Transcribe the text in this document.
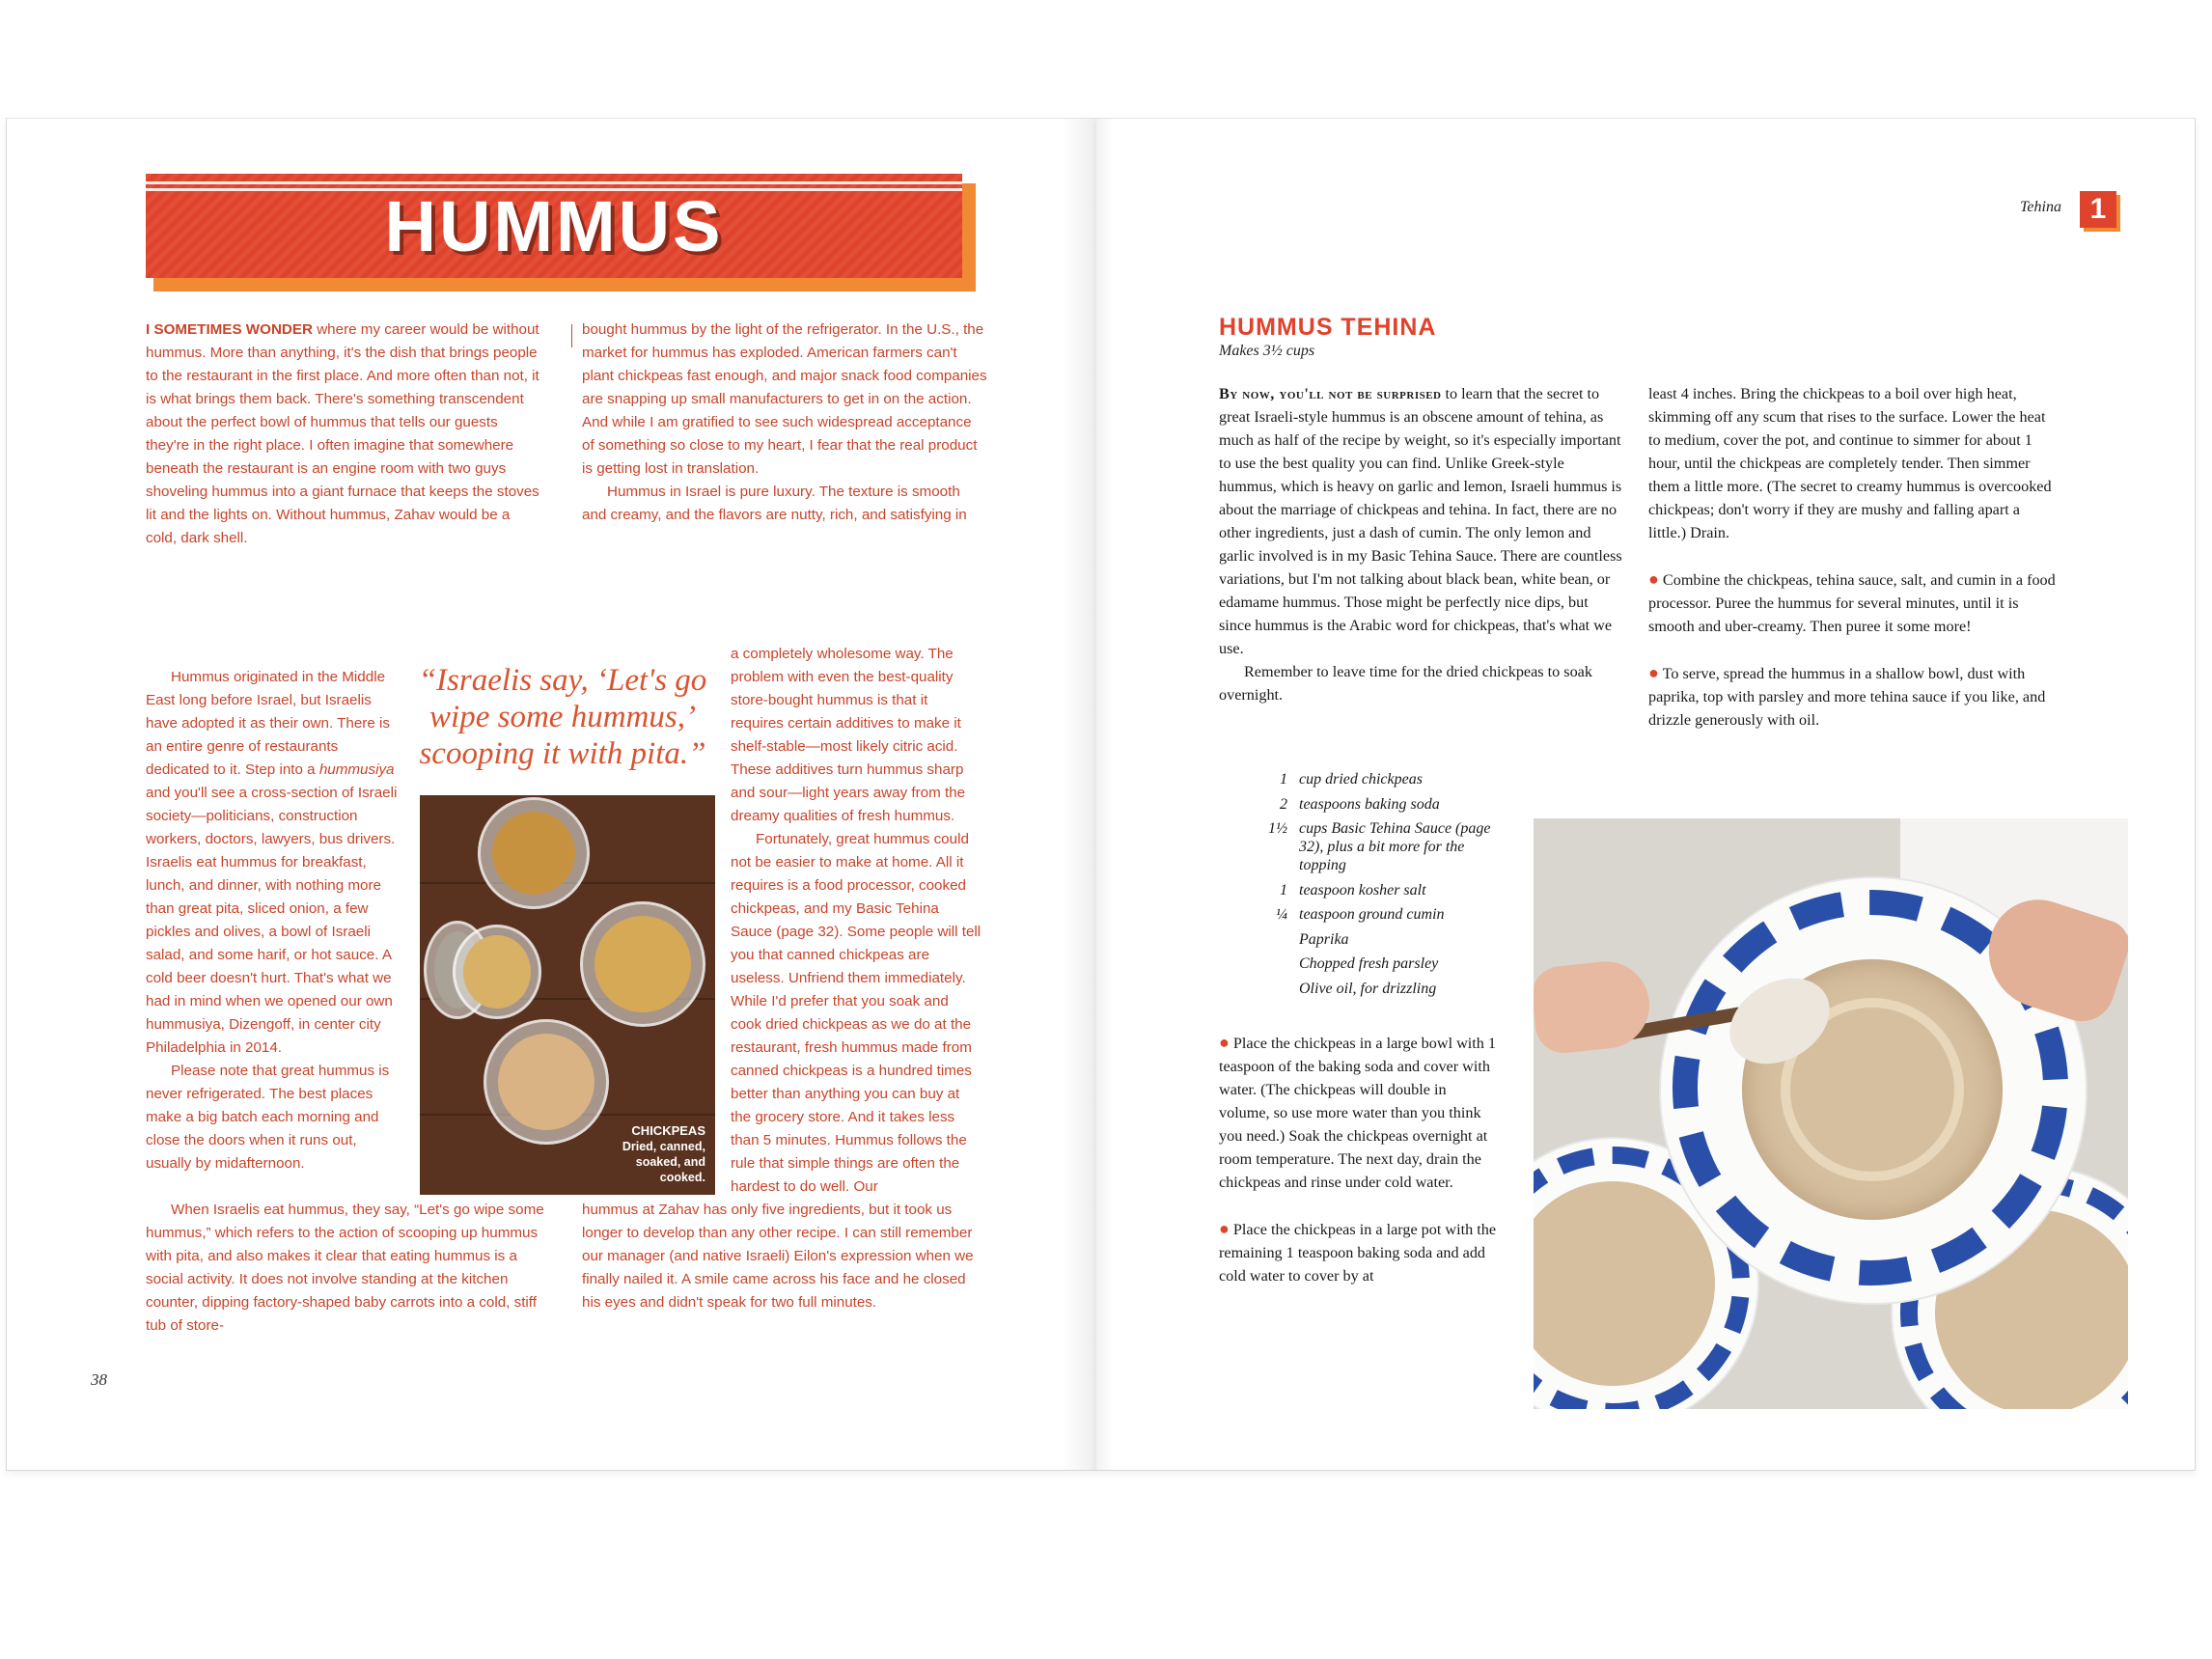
HUMMUS

I SOMETIMES WONDER where my career would be without hummus. More than anything, it's the dish that brings people to the restaurant in the first place. And more often than not, it is what brings them back. There's something transcendent about the perfect bowl of hummus that tells our guests they're in the right place. I often imagine that somewhere beneath the restaurant is an engine room with two guys shoveling hummus into a giant furnace that keeps the stoves lit and the lights on. Without hummus, Zahav would be a cold, dark shell.

Hummus originated in the Middle East long before Israel, but Israelis have adopted it as their own. There is an entire genre of restaurants dedicated to it. Step into a hummusiya and you'll see a cross-section of Israeli society—politicians, construction workers, doctors, lawyers, bus drivers. Israelis eat hummus for breakfast, lunch, and dinner, with nothing more than great pita, sliced onion, a few pickles and olives, a bowl of Israeli salad, and some harif, or hot sauce. A cold beer doesn't hurt. That's what we had in mind when we opened our own hummusiya, Dizengoff, in center city Philadelphia in 2014.

Please note that great hummus is never refrigerated. The best places make a big batch each morning and close the doors when it runs out, usually by midafternoon.

When Israelis eat hummus, they say, “Let's go wipe some hummus,” which refers to the action of scooping up hummus with pita, and also makes it clear that eating hummus is a social activity. It does not involve standing at the kitchen counter, dipping factory-shaped baby carrots into a cold, stiff tub of store-

bought hummus by the light of the refrigerator. In the U.S., the market for hummus has exploded. American farmers can't plant chickpeas fast enough, and major snack food companies are snapping up small manufacturers to get in on the action. And while I am gratified to see such widespread acceptance of something so close to my heart, I fear that the real product is getting lost in translation.

Hummus in Israel is pure luxury. The texture is smooth and creamy, and the flavors are nutty, rich, and satisfying in

a completely wholesome way. The problem with even the best-quality store-bought hummus is that it requires certain additives to make it shelf-stable—most likely citric acid. These additives turn hummus sharp and sour—light years away from the dreamy qualities of fresh hummus.

Fortunately, great hummus could not be easier to make at home. All it requires is a food processor, cooked chickpeas, and my Basic Tehina Sauce (page 32). Some people will tell you that canned chickpeas are useless. Unfriend them immediately. While I'd prefer that you soak and cook dried chickpeas as we do at the restaurant, fresh hummus made from canned chickpeas is a hundred times better than anything you can buy at the grocery store. And it takes less than 5 minutes. Hummus follows the rule that simple things are often the hardest to do well. Our

hummus at Zahav has only five ingredients, but it took us longer to develop than any other recipe. I can still remember our manager (and native Israeli) Eilon's expression when we finally nailed it. A smile came across his face and he closed his eyes and didn't speak for two full minutes.

“Israelis say, ‘Let's go wipe some hummus,’ scooping it with pita.”
CHICKPEAS
Dried, canned, soaked, and cooked.
38
Tehina 1
HUMMUS TEHINA
Makes 3½ cups

By now, you'll not be surprised to learn that the secret to great Israeli-style hummus is an obscene amount of tehina, as much as half of the recipe by weight, so it's especially important to use the best quality you can find. Unlike Greek-style hummus, which is heavy on garlic and lemon, Israeli hummus is about the marriage of chickpeas and tehina. In fact, there are no other ingredients, just a dash of cumin. The only lemon and garlic involved is in my Basic Tehina Sauce. There are countless variations, but I'm not talking about black bean, white bean, or edamame hummus. Those might be perfectly nice dips, but since hummus is the Arabic word for chickpeas, that's what we use.

Remember to leave time for the dried chickpeas to soak overnight.

1 cup dried chickpeas
2 teaspoons baking soda
1½ cups Basic Tehina Sauce (page 32), plus a bit more for the topping
1 teaspoon kosher salt
¼ teaspoon ground cumin
Paprika
Chopped fresh parsley
Olive oil, for drizzling

● Place the chickpeas in a large bowl with 1 teaspoon of the baking soda and cover with water. (The chickpeas will double in volume, so use more water than you think you need.) Soak the chickpeas overnight at room temperature. The next day, drain the chickpeas and rinse under cold water.

● Place the chickpeas in a large pot with the remaining 1 teaspoon baking soda and add cold water to cover by at

least 4 inches. Bring the chickpeas to a boil over high heat, skimming off any scum that rises to the surface. Lower the heat to medium, cover the pot, and continue to simmer for about 1 hour, until the chickpeas are completely tender. Then simmer them a little more. (The secret to creamy hummus is overcooked chickpeas; don't worry if they are mushy and falling apart a little.) Drain.

● Combine the chickpeas, tehina sauce, salt, and cumin in a food processor. Puree the hummus for several minutes, until it is smooth and uber-creamy. Then puree it some more!

● To serve, spread the hummus in a shallow bowl, dust with paprika, top with parsley and more tehina sauce if you like, and drizzle generously with oil.
